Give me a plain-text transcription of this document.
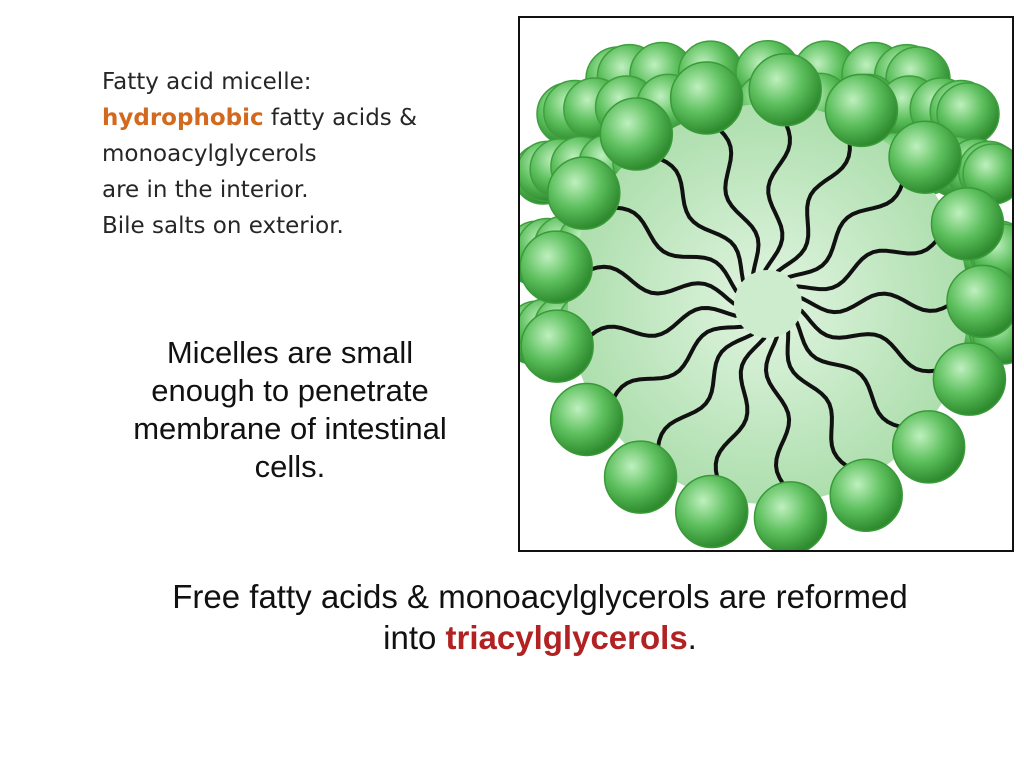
Fatty acid micelle:
hydrophobic fatty acids &
monoacylglycerols
are in the interior.
Bile salts on exterior.
Micelles are small
enough to penetrate
membrane of intestinal
cells.
Free fatty acids & monoacylglycerols are reformed
into triacylglycerols.
